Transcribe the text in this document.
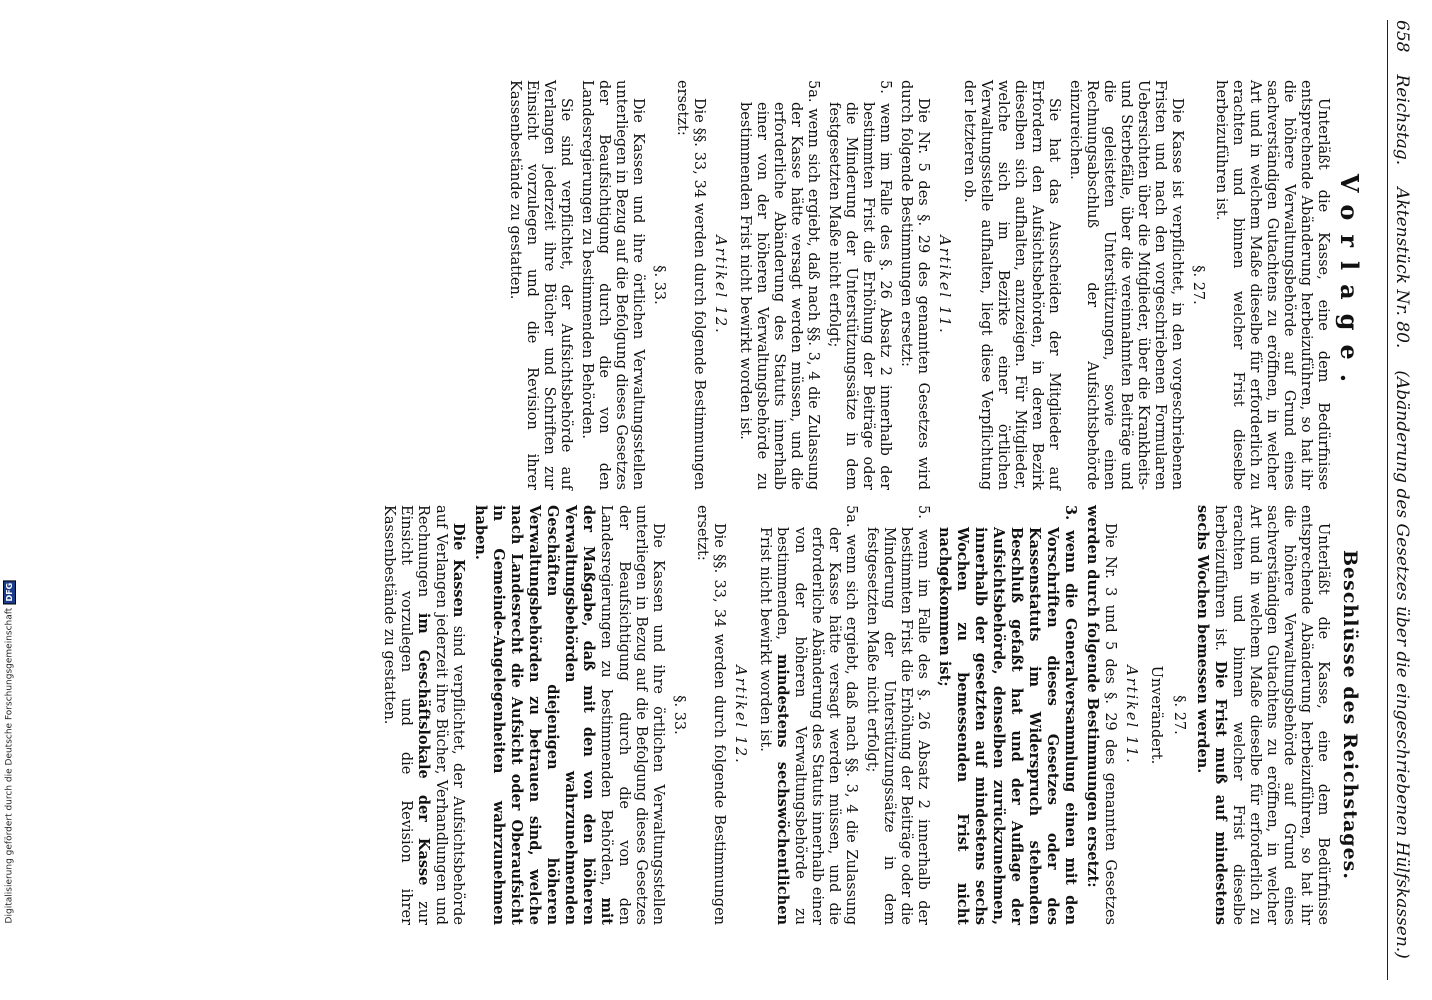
658
Reichstag.
Aktenstück Nr. 80.
(Abänderung des Gesetzes über die eingeschriebenen Hülfskassen.)
Vorlage.

Unterläßt die Kasse, eine dem Bedürfnisse entsprechende Abänderung herbeizuführen, so hat ihr die höhere Verwaltungsbehörde auf Grund eines sachverständigen Gutachtens zu eröffnen, in welcher Art und in welchem Maße dieselbe für erforderlich zu erachten und binnen welcher Frist dieselbe herbeizuführen ist.

§. 27.

Die Kasse ist verpflichtet, in den vorgeschriebenen Fristen und nach den vorgeschriebenen Formularen Uebersichten über die Mitglieder, über die Krankheits- und Sterbefälle, über die vereinnahmten Beiträge und die geleisteten Unterstützungen, sowie einen Rechnungsabschluß der Aufsichtsbehörde einzureichen.

Sie hat das Ausscheiden der Mitglieder auf Erfordern den Aufsichtsbehörden, in deren Bezirk dieselben sich aufhalten, anzuzeigen. Für Mitglieder, welche sich im Bezirke einer örtlichen Verwaltungsstelle aufhalten, liegt diese Verpflichtung der letzteren ob.

Artikel 11.

Die Nr. 5 des §. 29 des genannten Gesetzes wird durch folgende Bestimmungen ersetzt:

5. wenn im Falle des §. 26 Absatz 2 innerhalb der bestimmten Frist die Erhöhung der Beiträge oder die Minderung der Unterstützungssätze in dem festgesetzten Maße nicht erfolgt;

5a. wenn sich ergiebt, daß nach §§. 3, 4 die Zulassung der Kasse hätte versagt werden müssen, und die erforderliche Abänderung des Statuts innerhalb einer von der höheren Verwaltungsbehörde zu bestimmenden Frist nicht bewirkt worden ist.

Artikel 12.

Die §§. 33, 34 werden durch folgende Bestimmungen ersetzt:

§. 33.

Die Kassen und ihre örtlichen Verwaltungsstellen unterliegen in Bezug auf die Befolgung dieses Gesetzes der Beaufsichtigung durch die von den Landesregierungen zu bestimmenden Behörden.

Sie sind verpflichtet, der Aufsichtsbehörde auf Verlangen jederzeit ihre Bücher und Schriften zur Einsicht vorzulegen und die Revision ihrer Kassenbestände zu gestatten.

Beschlüsse des Reichstages.

Unterläßt die Kasse, eine dem Bedürfnisse entsprechende Abänderung herbeizuführen, so hat ihr die höhere Verwaltungsbehörde auf Grund eines sachverständigen Gutachtens zu eröffnen, in welcher Art und in welchem Maße dieselbe für erforderlich zu erachten und binnen welcher Frist dieselbe herbeizuführen ist. Die Frist muß auf mindestens sechs Wochen bemessen werden.

§. 27.
Unverändert.
Artikel 11.

Die Nr. 3 und 5 des §. 29 des genannten Gesetzes werden durch folgende Bestimmungen ersetzt:

3. wenn die Generalversammlung einen mit den Vorschriften dieses Gesetzes oder des Kassenstatuts im Widerspruch stehenden Beschluß gefaßt hat und der Auflage der Aufsichtsbehörde, denselben zurückzunehmen, innerhalb der gesetzten auf mindestens sechs Wochen zu bemessenden Frist nicht nachgekommen ist;

5. wenn im Falle des §. 26 Absatz 2 innerhalb der bestimmten Frist die Erhöhung der Beiträge oder die Minderung der Unterstützungssätze in dem festgesetzten Maße nicht erfolgt;

5a. wenn sich ergiebt, daß nach §§. 3, 4 die Zulassung der Kasse hätte versagt werden müssen, und die erforderliche Abänderung des Statuts innerhalb einer von der höheren Verwaltungsbehörde zu bestimmenden, mindestens sechswöchentlichen Frist nicht bewirkt worden ist.

Artikel 12.

Die §§. 33, 34 werden durch folgende Bestimmungen ersetzt:

§. 33.

Die Kassen und ihre örtlichen Verwaltungsstellen unterliegen in Bezug auf die Befolgung dieses Gesetzes der Beaufsichtigung durch die von den Landesregierungen zu bestimmenden Behörden, mit der Maßgabe, daß mit den von den höheren Verwaltungsbehörden wahrzunehmenden Geschäften diejenigen höheren Verwaltungsbehörden zu betrauen sind, welche nach Landesrecht die Aufsicht oder Oberaufsicht in Gemeinde-Angelegenheiten wahrzunehmen haben.

Die Kassen sind verpflichtet, der Aufsichtsbehörde auf Verlangen jederzeit ihre Bücher, Verhandlungen und Rechnungen im Geschäftslokale der Kasse zur Einsicht vorzulegen und die Revision ihrer Kassenbestände zu gestatten.

Digitalisierung gefördert durch die Deutsche Forschungsgemeinschaft
DFG
